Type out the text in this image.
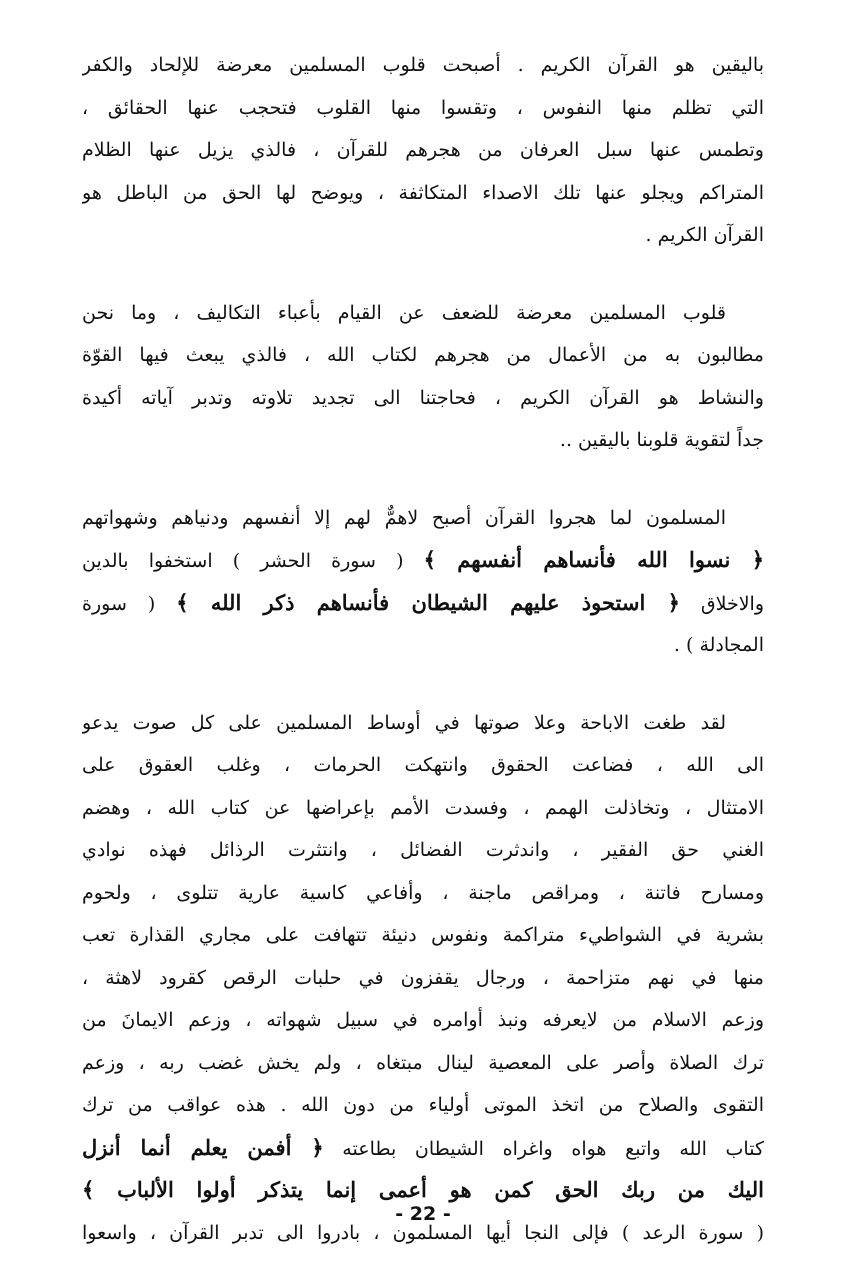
باليقين هو القرآن الكريم . أصبحت قلوب المسلمين معرضة للإلحاد والكفر
التي تظلم منها النفوس ، وتقسوا منها القلوب فتحجب عنها الحقائق ،
وتطمس عنها سبل العرفان من هجرهم للقرآن ، فالذي يزيل عنها الظلام
المتراكم ويجلو عنها تلك الاصداء المتكاثفة ، ويوضح لها الحق من الباطل هو
القرآن الكريم .
قلوب المسلمين معرضة للضعف عن القيام بأعباء التكاليف ، وما نحن
مطالبون به من الأعمال من هجرهم لكتاب الله ، فالذي يبعث فيها القوّة
والنشاط هو القرآن الكريم ، فحاجتنا الى تجديد تلاوته وتدبر آياته أكيدة
جداً لتقوية قلوبنا باليقين ..
المسلمون لما هجروا القرآن أصبح لاهمٌّ لهم إلا أنفسهم ودنياهم وشهواتهم
﴿ نسوا الله فأنساهم أنفسهم ﴾ ( سورة الحشر ) استخفوا بالدين
والاخلاق ﴿ استحوذ عليهم الشيطان فأنساهم ذكر الله ﴾ ( سورة
المجادلة ) .
لقد طغت الاباحة وعلا صوتها في أوساط المسلمين على كل صوت يدعو
الى الله ، فضاعت الحقوق وانتهكت الحرمات ، وغلب العقوق على
الامتثال ، وتخاذلت الهمم ، وفسدت الأمم بإعراضها عن كتاب الله ، وهضم
الغني حق الفقير ، واندثرت الفضائل ، وانتثرت الرذائل فهذه نوادي
ومسارح فاتنة ، ومراقص ماجنة ، وأفاعي كاسية عارية تتلوى ، ولحوم
بشرية في الشواطيء متراكمة ونفوس دنيئة تتهافت على مجاري القذارة تعب
منها في نهم متزاحمة ، ورجال يقفزون في حلبات الرقص كقرود لاهثة ،
وزعم الاسلام من لايعرفه ونبذ أوامره في سبيل شهواته ، وزعم الايمانَ من
ترك الصلاة وأصر على المعصية لينال مبتغاه ، ولم يخش غضب ربه ، وزعم
التقوى والصلاح من اتخذ الموتى أولياء من دون الله . هذه عواقب من ترك
كتاب الله واتبع هواه واغراه الشيطان بطاعته ﴿ أفمن يعلم أنما أنزل
اليك من ربك الحق كمن هو أعمى إنما يتذكر أولوا الألباب ﴾
( سورة الرعد ) فإلى النجا أيها المسلمون ، بادروا الى تدبر القرآن ، واسعوا
- 22 -
